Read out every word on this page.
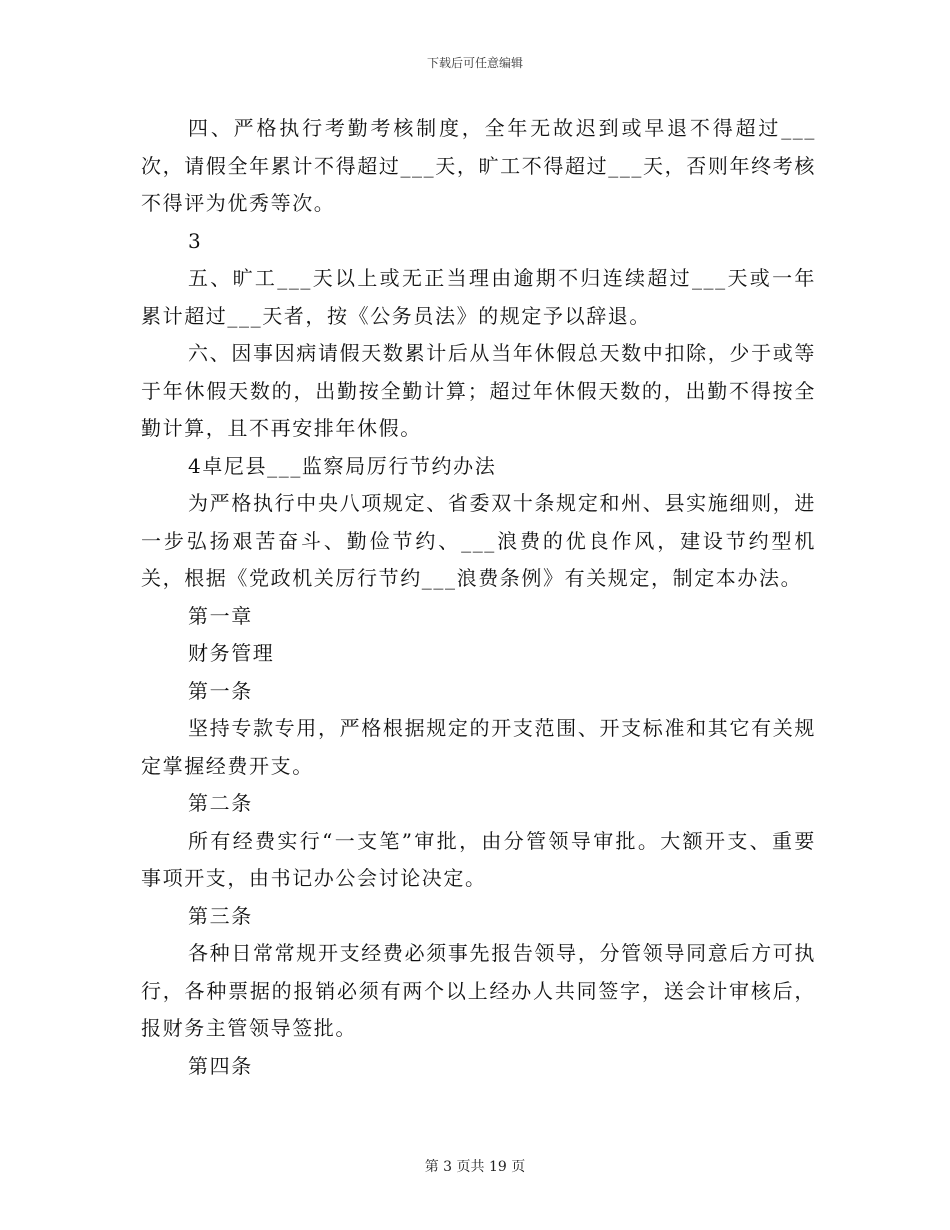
下载后可任意编辑

四、严格执行考勤考核制度，全年无故迟到或早退不得超过___次，请假全年累计不得超过___天，旷工不得超过___天，否则年终考核不得评为优秀等次。

3

五、旷工___天以上或无正当理由逾期不归连续超过___天或一年累计超过___天者，按《公务员法》的规定予以辞退。

六、因事因病请假天数累计后从当年休假总天数中扣除，少于或等于年休假天数的，出勤按全勤计算；超过年休假天数的，出勤不得按全勤计算，且不再安排年休假。

4卓尼县___监察局厉行节约办法

为严格执行中央八项规定、省委双十条规定和州、县实施细则，进一步弘扬艰苦奋斗、勤俭节约、___浪费的优良作风，建设节约型机关，根据《党政机关厉行节约___浪费条例》有关规定，制定本办法。

第一章

财务管理

第一条

坚持专款专用，严格根据规定的开支范围、开支标准和其它有关规定掌握经费开支。

第二条

所有经费实行“一支笔”审批，由分管领导审批。大额开支、重要事项开支，由书记办公会讨论决定。

第三条

各种日常常规开支经费必须事先报告领导，分管领导同意后方可执行，各种票据的报销必须有两个以上经办人共同签字，送会计审核后，报财务主管领导签批。

第四条

第 3 页共 19 页
